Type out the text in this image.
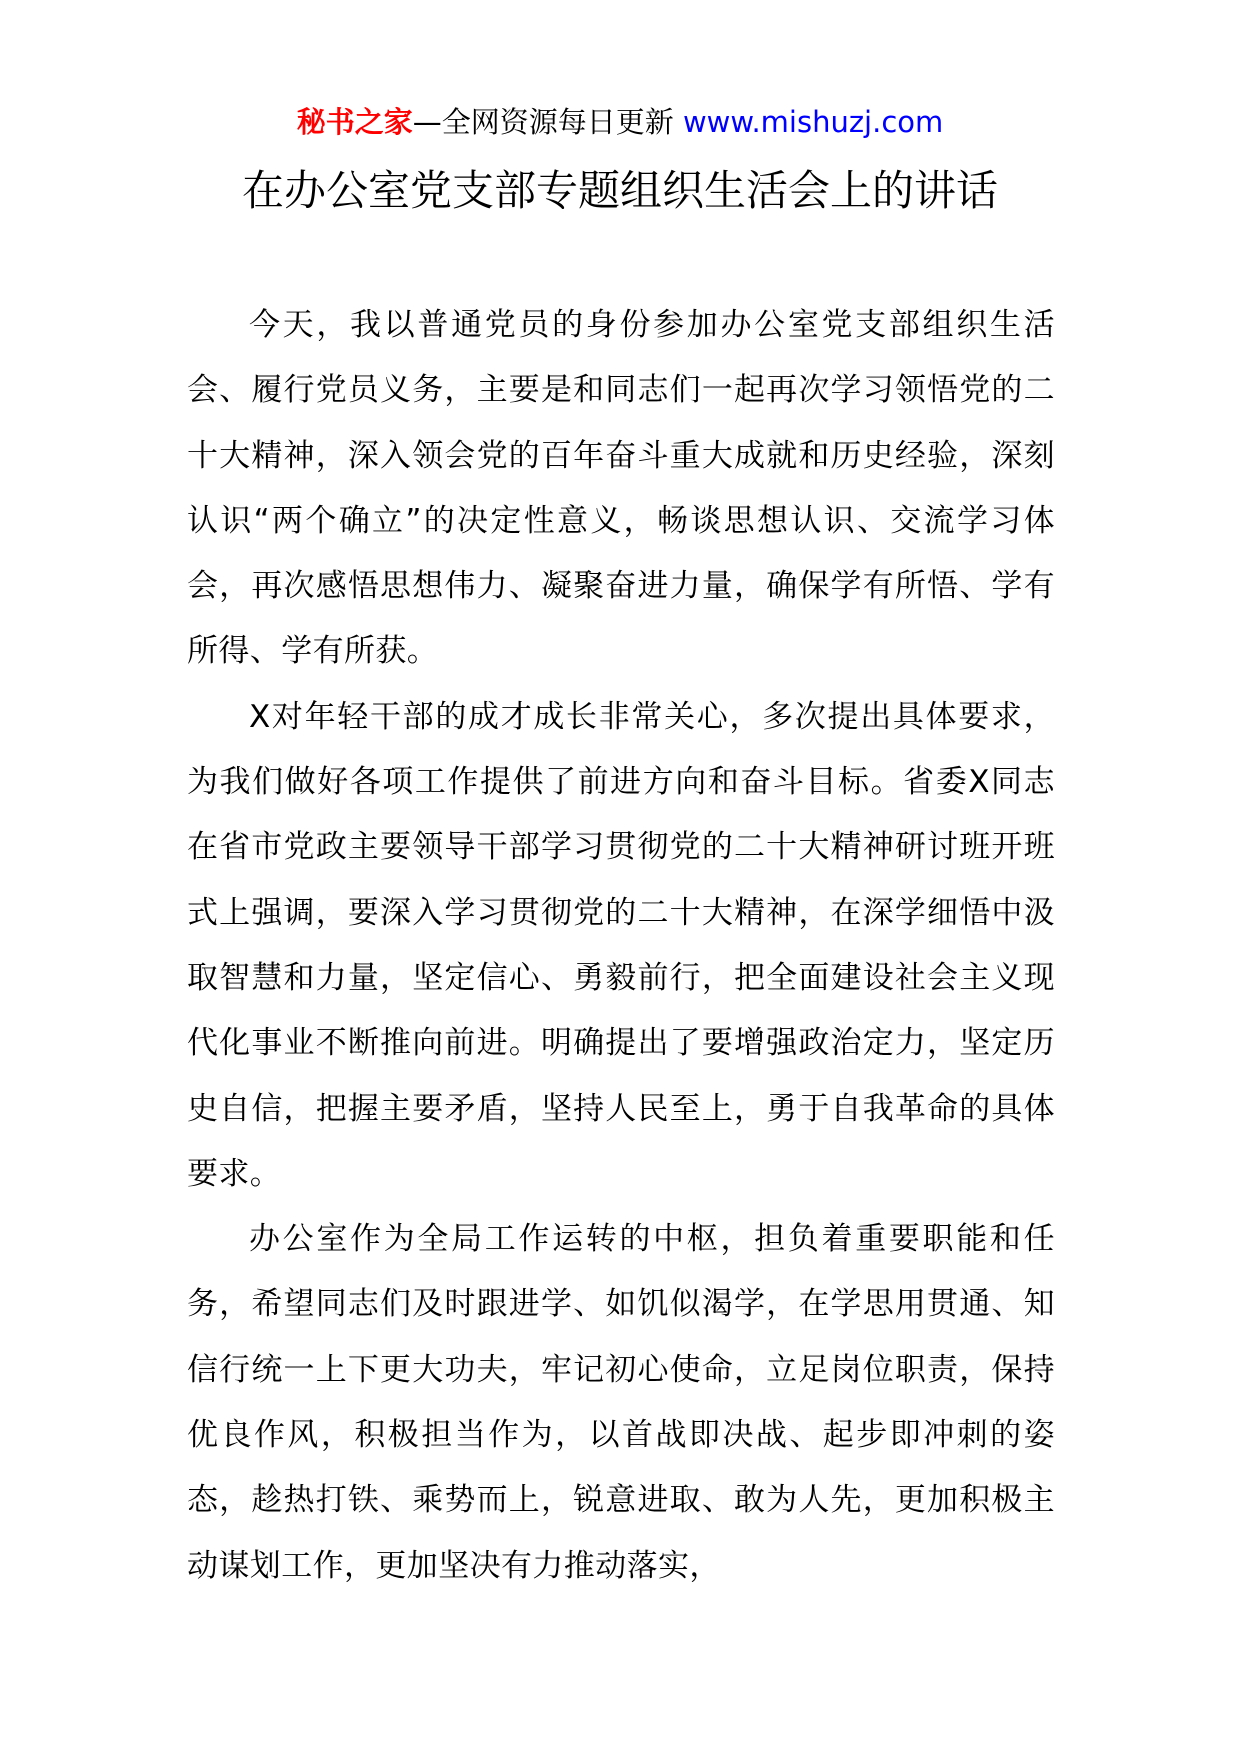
秘书之家—全网资源每日更新 www.mishuzj.com
在办公室党支部专题组织生活会上的讲话

今天，我以普通党员的身份参加办公室党支部组织生活会、履行党员义务，主要是和同志们一起再次学习领悟党的二十大精神，深入领会党的百年奋斗重大成就和历史经验，深刻认识“两个确立”的决定性意义，畅谈思想认识、交流学习体会，再次感悟思想伟力、凝聚奋进力量，确保学有所悟、学有所得、学有所获。

X对年轻干部的成才成长非常关心，多次提出具体要求，为我们做好各项工作提供了前进方向和奋斗目标。省委X同志在省市党政主要领导干部学习贯彻党的二十大精神研讨班开班式上强调，要深入学习贯彻党的二十大精神，在深学细悟中汲取智慧和力量，坚定信心、勇毅前行，把全面建设社会主义现代化事业不断推向前进。明确提出了要增强政治定力，坚定历史自信，把握主要矛盾，坚持人民至上，勇于自我革命的具体要求。

办公室作为全局工作运转的中枢，担负着重要职能和任务，希望同志们及时跟进学、如饥似渴学，在学思用贯通、知信行统一上下更大功夫，牢记初心使命，立足岗位职责，保持优良作风，积极担当作为，以首战即决战、起步即冲刺的姿态，趁热打铁、乘势而上，锐意进取、敢为人先，更加积极主动谋划工作，更加坚决有力推动落实，
